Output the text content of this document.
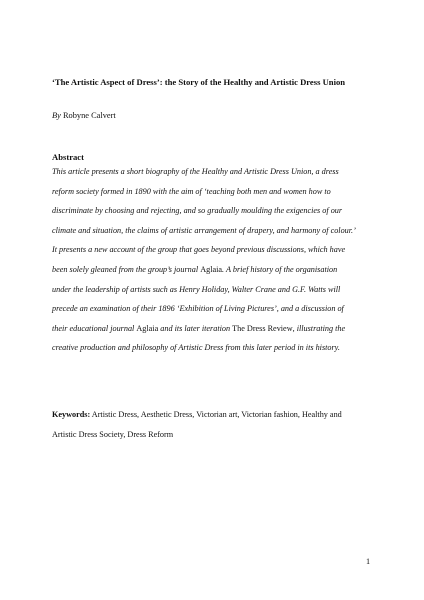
‘The Artistic Aspect of Dress’: the Story of the Healthy and Artistic Dress Union
By Robyne Calvert
Abstract
This article presents a short biography of the Healthy and Artistic Dress Union, a dress
reform society formed in 1890 with the aim of ‘teaching both men and women how to
discriminate by choosing and rejecting, and so gradually moulding the exigencies of our
climate and situation, the claims of artistic arrangement of drapery, and harmony of colour.’
It presents a new account of the group that goes beyond previous discussions, which have
been solely gleaned from the group’s journal Aglaia. A brief history of the organisation
under the leadership of artists such as Henry Holiday, Walter Crane and G.F. Watts will
precede an examination of their 1896 ‘Exhibition of Living Pictures’, and a discussion of
their educational journal Aglaia and its later iteration The Dress Review, illustrating the
creative production and philosophy of Artistic Dress from this later period in its history.
Keywords: Artistic Dress, Aesthetic Dress, Victorian art, Victorian fashion, Healthy and
Artistic Dress Society, Dress Reform
1
